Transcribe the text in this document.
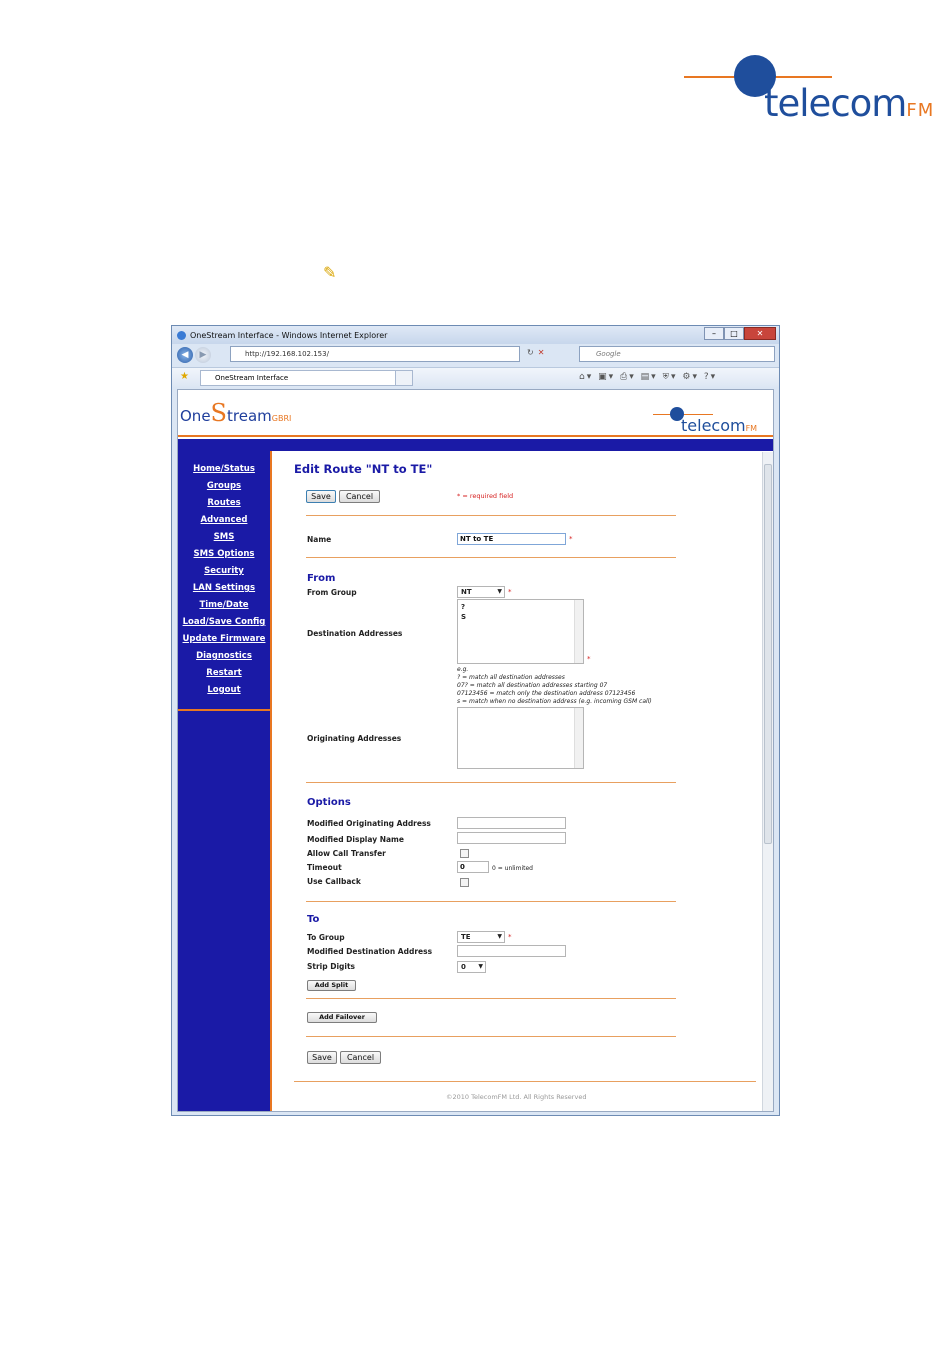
telecomFM
✎
OneStream Interface - Windows Internet Explorer	–	□	✕
◀	▶	http://192.168.102.153/	↻✕	Google
★	OneStream Interface	⌂▾ ▣▾ ⎙▾ ▤▾ ⛨▾ ⚙▾ ?▾
OneStreamGBRI	telecomFM
Home/Status
Groups
Routes
Advanced
SMS
SMS Options
Security
LAN Settings
Time/Date
Load/Save Config
Update Firmware
Diagnostics
Restart
Logout
Edit Route "NT to TE"
Save	Cancel	* = required field
Name	NT to TE	*
From
From Group	NT	▼ *
Destination Addresses
?
S
*
e.g.
? = match all destination addresses
07? = match all destination addresses starting 07
07123456 = match only the destination address 07123456
s = match when no destination address (e.g. incoming GSM call)
Originating Addresses
Options
Modified Originating Address
Modified Display Name
Allow Call Transfer
Timeout	0	0 = unlimited
Use Callback
To
To Group	TE	▼ *
Modified Destination Address
Strip Digits	0 ▼
Add Split
Add Failover
Save	Cancel
©2010 TelecomFM Ltd. All Rights Reserved
